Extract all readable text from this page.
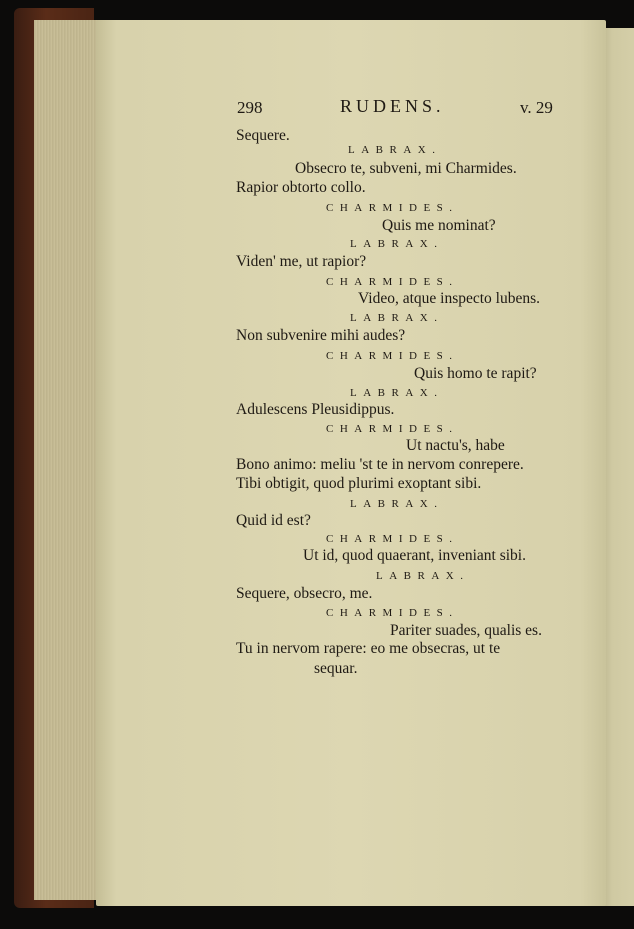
298	RUDENS.	v. 29
Sequere.
LABRAX.
Obsecro te, subveni, mi Charmides.
Rapior obtorto collo.
CHARMIDES.
Quis me nominat?
LABRAX.
Viden' me, ut rapior?
CHARMIDES.
Video, atque inspecto lubens.
LABRAX.
Non subvenire mihi audes?
CHARMIDES.
Quis homo te rapit?
LABRAX.
Adulescens Pleusidippus.
CHARMIDES.
Ut nactu's, habe
Bono animo: meliu 'st te in nervom conrepere.
Tibi obtigit, quod plurimi exoptant sibi.
LABRAX.
Quid id est?
CHARMIDES.
Ut id, quod quaerant, inveniant sibi.
LABRAX.
Sequere, obsecro, me.
CHARMIDES.
Pariter suades, qualis es.
Tu in nervom rapere: eo me obsecras, ut te
sequar.
